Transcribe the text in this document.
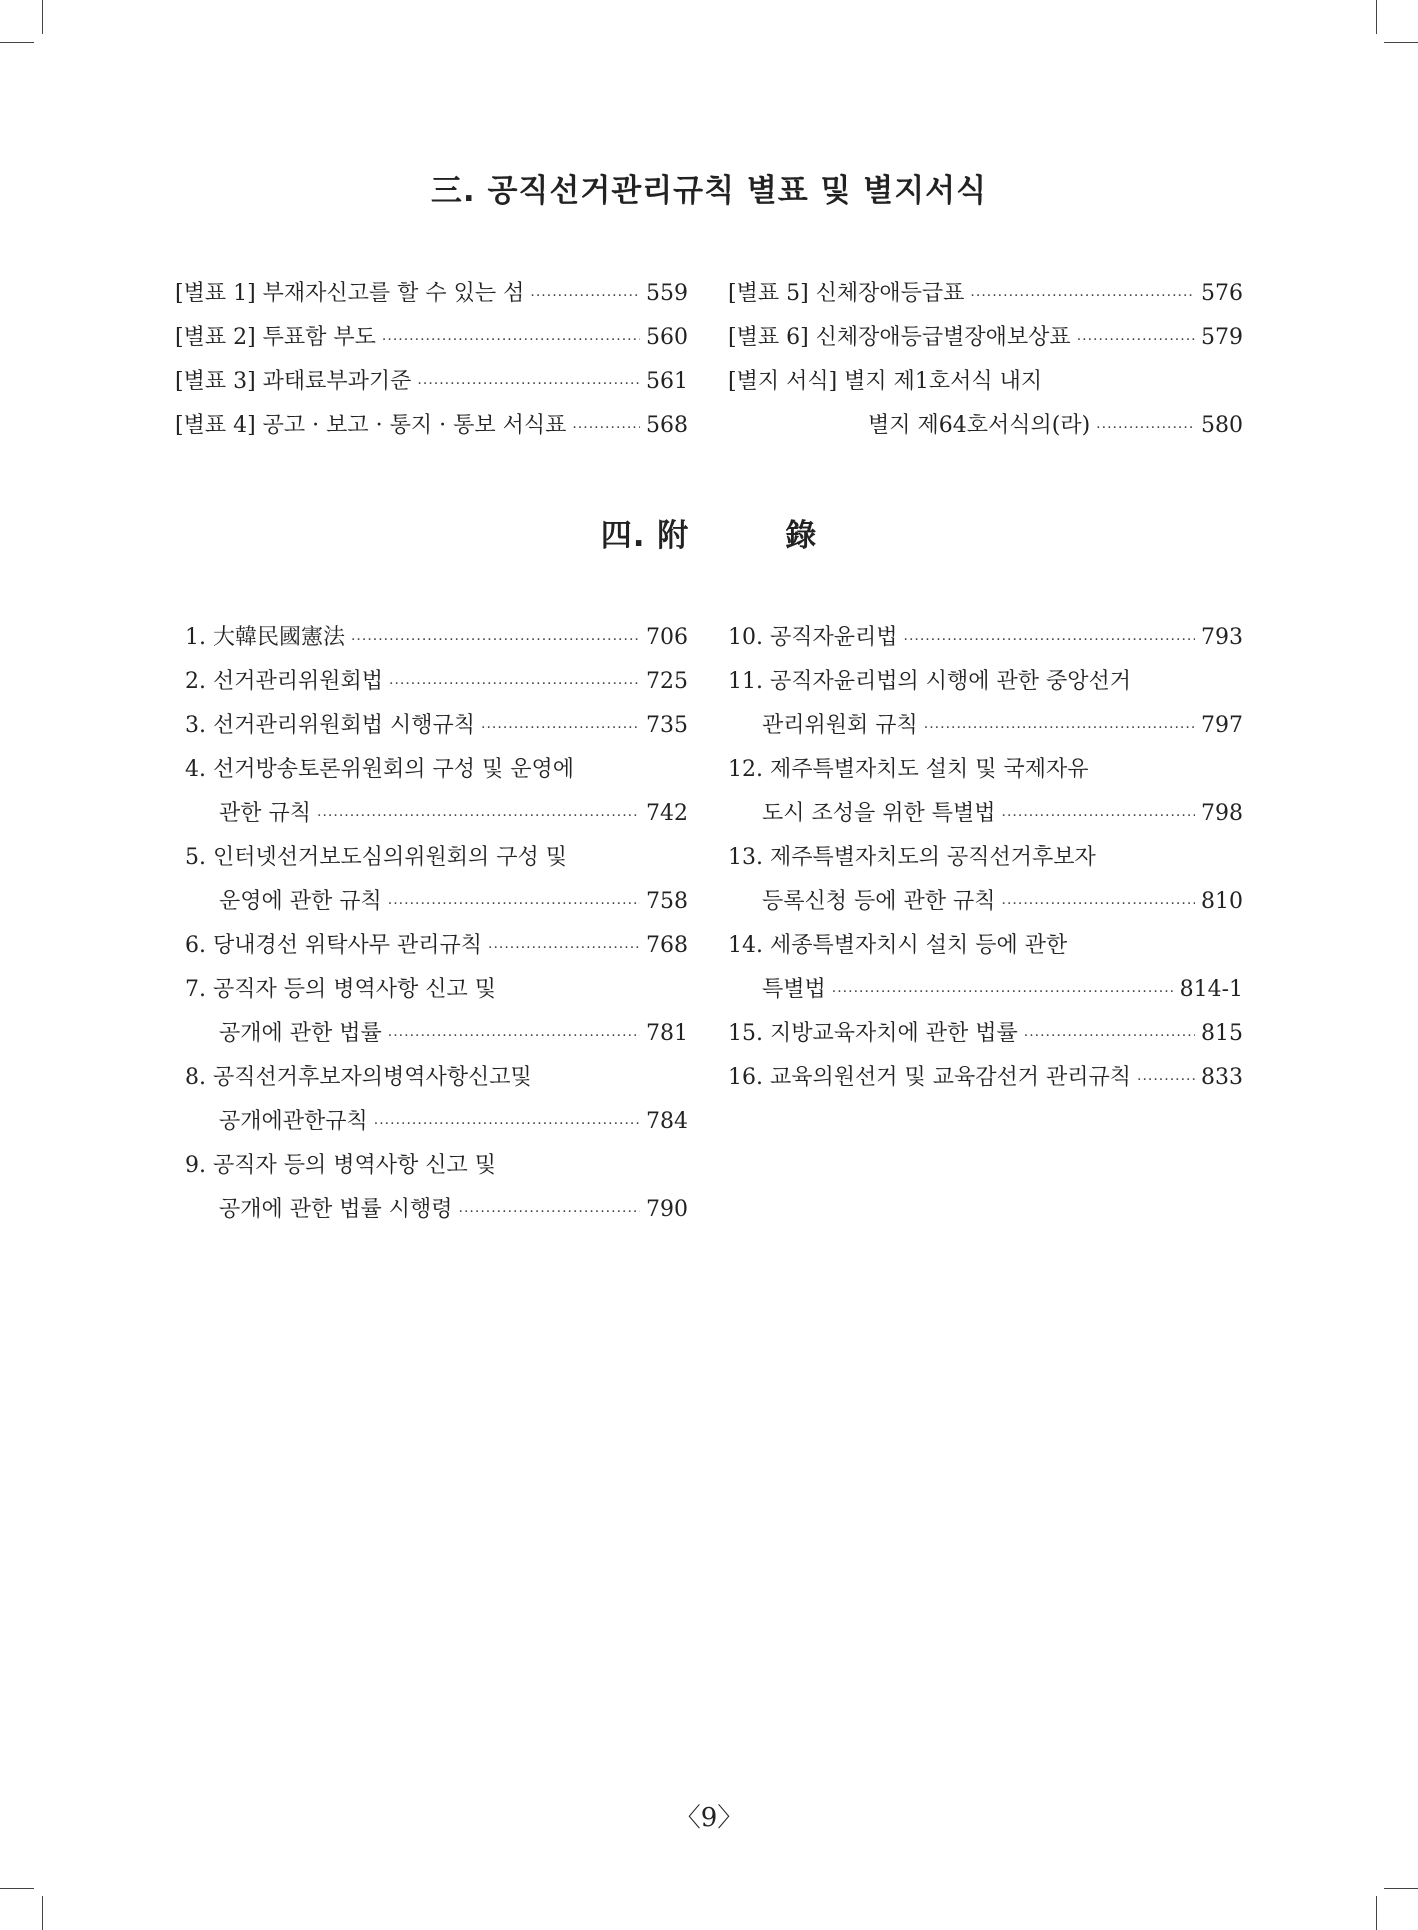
三. 공직선거관리규칙 별표 및 별지서식
[별표 1] 부재자신고를 할 수 있는 섬 ·····	559
[별표 2] 투표함 부도 ·····	560
[별표 3] 과태료부과기준 ·····	561
[별표 4] 공고 · 보고 · 통지 · 통보 서식표 ·····	568
[별표 5] 신체장애등급표 ·····	576
[별표 6] 신체장애등급별장애보상표 ·····	579
[별지 서식] 별지 제1호서식 내지
별지 제64호서식의(라) ·····	580
四. 附　　　錄
1. 大韓民國憲法 ·····	706
2. 선거관리위원회법 ·····	725
3. 선거관리위원회법 시행규칙 ·····	735
4. 선거방송토론위원회의 구성 및 운영에
관한 규칙 ·····	742
5. 인터넷선거보도심의위원회의 구성 및
운영에 관한 규칙 ·····	758
6. 당내경선 위탁사무 관리규칙 ·····	768
7. 공직자 등의 병역사항 신고 및
공개에 관한 법률 ·····	781
8. 공직선거후보자의병역사항신고및
공개에관한규칙 ·····	784
9. 공직자 등의 병역사항 신고 및
공개에 관한 법률 시행령 ·····	790
10. 공직자윤리법 ·····	793
11. 공직자윤리법의 시행에 관한 중앙선거
관리위원회 규칙 ·····	797
12. 제주특별자치도 설치 및 국제자유
도시 조성을 위한 특별법 ·····	798
13. 제주특별자치도의 공직선거후보자
등록신청 등에 관한 규칙 ·····	810
14. 세종특별자치시 설치 등에 관한
특별법 ·····	814-1
15. 지방교육자치에 관한 법률 ·····	815
16. 교육의원선거 및 교육감선거 관리규칙 ·····	833
〈9〉
